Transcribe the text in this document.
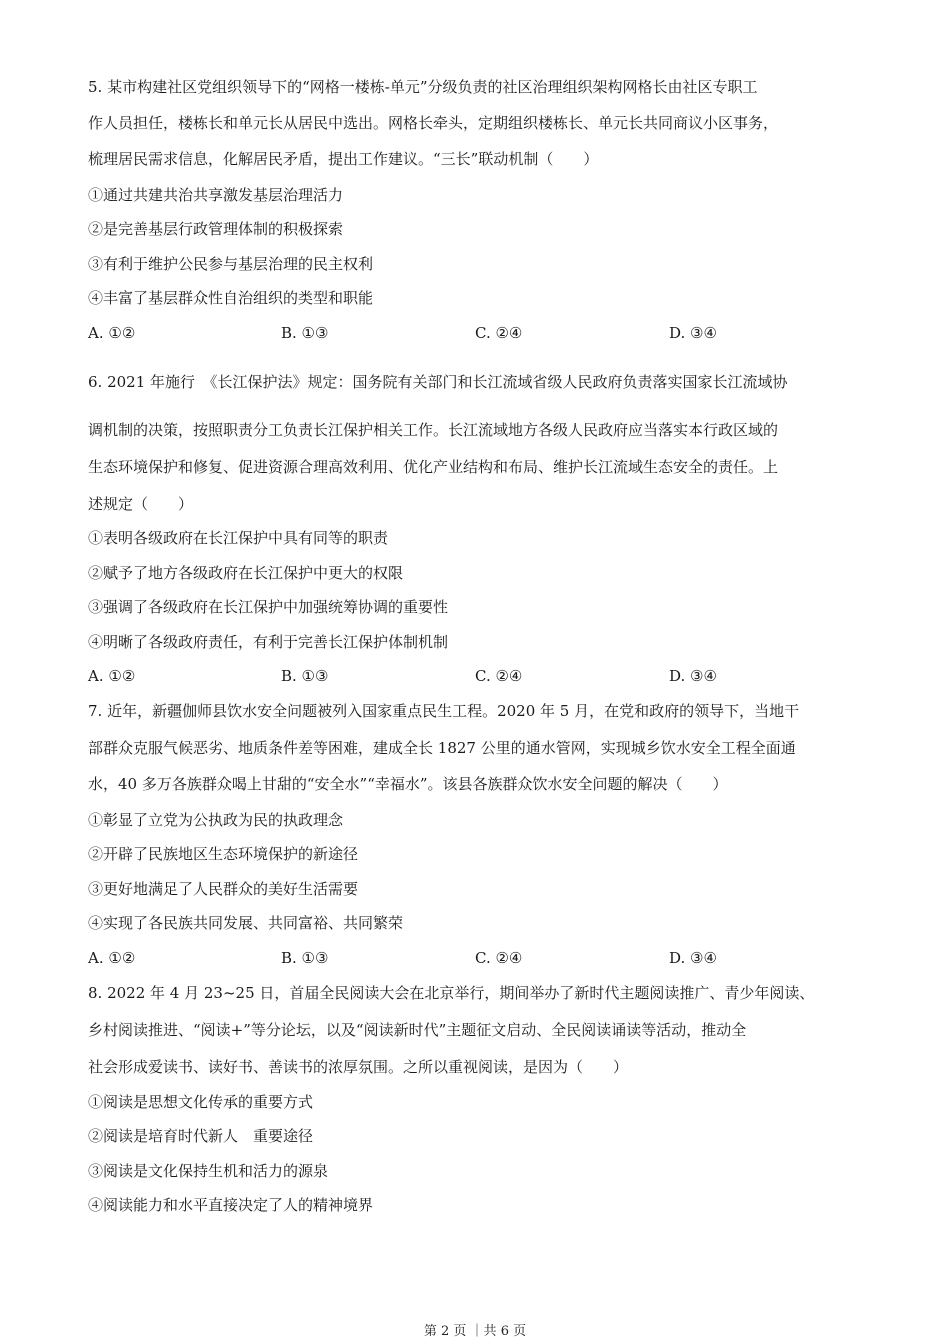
5. 某市构建社区党组织领导下的“网格一楼栋-单元”分级负责的社区治理组织架构网格长由社区专职工
作人员担任，楼栋长和单元长从居民中选出。网格长牵头，定期组织楼栋长、单元长共同商议小区事务，
梳理居民需求信息，化解居民矛盾，提出工作建议。“三长”联动机制（　　）
①通过共建共治共享激发基层治理活力
②是完善基层行政管理体制的积极探索
③有利于维护公民参与基层治理的民主权利
④丰富了基层群众性自治组织的类型和职能
A. ①②	B. ①③	C. ②④	D. ③④
6. 2021 年施行　《长江保护法》规定：国务院有关部门和长江流域省级人民政府负责落实国家长江流域协
调机制的决策，按照职责分工负责长江保护相关工作。长江流域地方各级人民政府应当落实本行政区域的
生态环境保护和修复、促进资源合理高效利用、优化产业结构和布局、维护长江流域生态安全的责任。上
述规定（　　）
①表明各级政府在长江保护中具有同等的职责
②赋予了地方各级政府在长江保护中更大的权限
③强调了各级政府在长江保护中加强统筹协调的重要性
④明晰了各级政府责任，有利于完善长江保护体制机制
A. ①②	B. ①③	C. ②④	D. ③④
7. 近年，新疆伽师县饮水安全问题被列入国家重点民生工程。2020 年 5 月，在党和政府的领导下，当地干
部群众克服气候恶劣、地质条件差等困难，建成全长 1827 公里的通水管网，实现城乡饮水安全工程全面通
水，40 多万各族群众喝上甘甜的“安全水”“幸福水”。该县各族群众饮水安全问题的解决（　　）
①彰显了立党为公执政为民的执政理念
②开辟了民族地区生态环境保护的新途径
③更好地满足了人民群众的美好生活需要
④实现了各民族共同发展、共同富裕、共同繁荣
A. ①②	B. ①③	C. ②④	D. ③④
8. 2022 年 4 月 23~25 日，首届全民阅读大会在北京举行，期间举办了新时代主题阅读推广、青少年阅读、
乡村阅读推进、“阅读+”等分论坛，以及“阅读新时代”主题征文启动、全民阅读诵读等活动，推动全
社会形成爱读书、读好书、善读书的浓厚氛围。之所以重视阅读，是因为（　　）
①阅读是思想文化传承的重要方式
②阅读是培育时代新人　重要途径
③阅读是文化保持生机和活力的源泉
④阅读能力和水平直接决定了人的精神境界
第 2 页 ｜共 6 页
